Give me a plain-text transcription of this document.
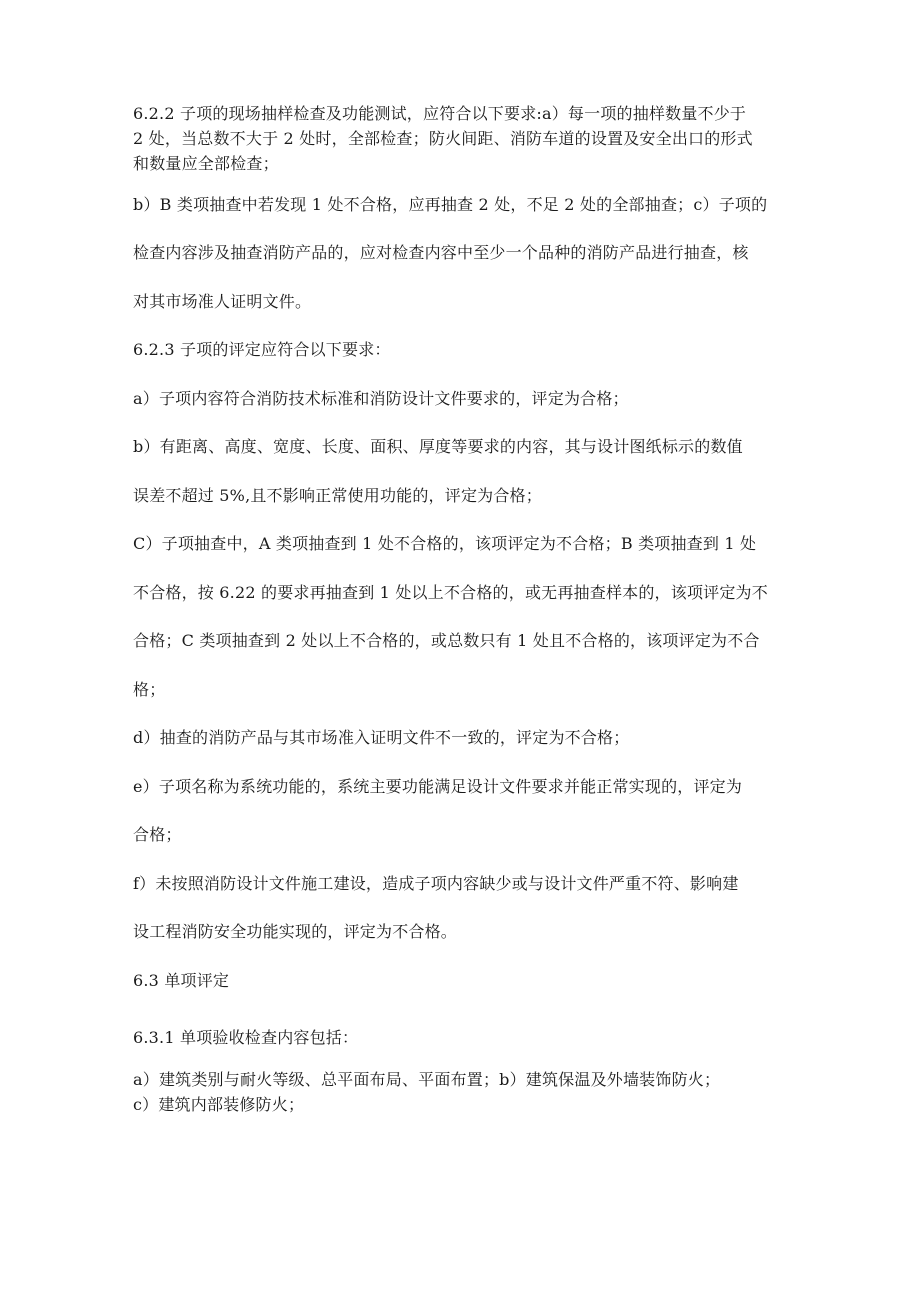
6.2.2 子项的现场抽样检查及功能测试，应符合以下要求:a）每一项的抽样数量不少于

2 处，当总数不大于 2 处时，全部检查；防火间距、消防车道的设置及安全出口的形式

和数量应全部检查；

b）B 类项抽查中若发现 1 处不合格，应再抽查 2 处，不足 2 处的全部抽查；c）子项的

检查内容涉及抽查消防产品的，应对检查内容中至少一个品种的消防产品进行抽查，核

对其市场准人证明文件。

6.2.3 子项的评定应符合以下要求：

a）子项内容符合消防技术标准和消防设计文件要求的，评定为合格；

b）有距离、高度、宽度、长度、面积、厚度等要求的内容，其与设计图纸标示的数值

误差不超过 5%,且不影响正常使用功能的，评定为合格；

C）子项抽查中，A 类项抽查到 1 处不合格的，该项评定为不合格；B 类项抽查到 1 处

不合格，按 6.22 的要求再抽查到 1 处以上不合格的，或无再抽查样本的，该项评定为不

合格；C 类项抽查到 2 处以上不合格的，或总数只有 1 处且不合格的，该项评定为不合

格；

d）抽查的消防产品与其市场准入证明文件不一致的，评定为不合格；

e）子项名称为系统功能的，系统主要功能满足设计文件要求并能正常实现的，评定为

合格；

f）未按照消防设计文件施工建设，造成子项内容缺少或与设计文件严重不符、影响建

设工程消防安全功能实现的，评定为不合格。

6.3 单项评定

6.3.1 单项验收检查内容包括：

a）建筑类别与耐火等级、总平面布局、平面布置；b）建筑保温及外墙装饰防火；

c）建筑内部装修防火；
